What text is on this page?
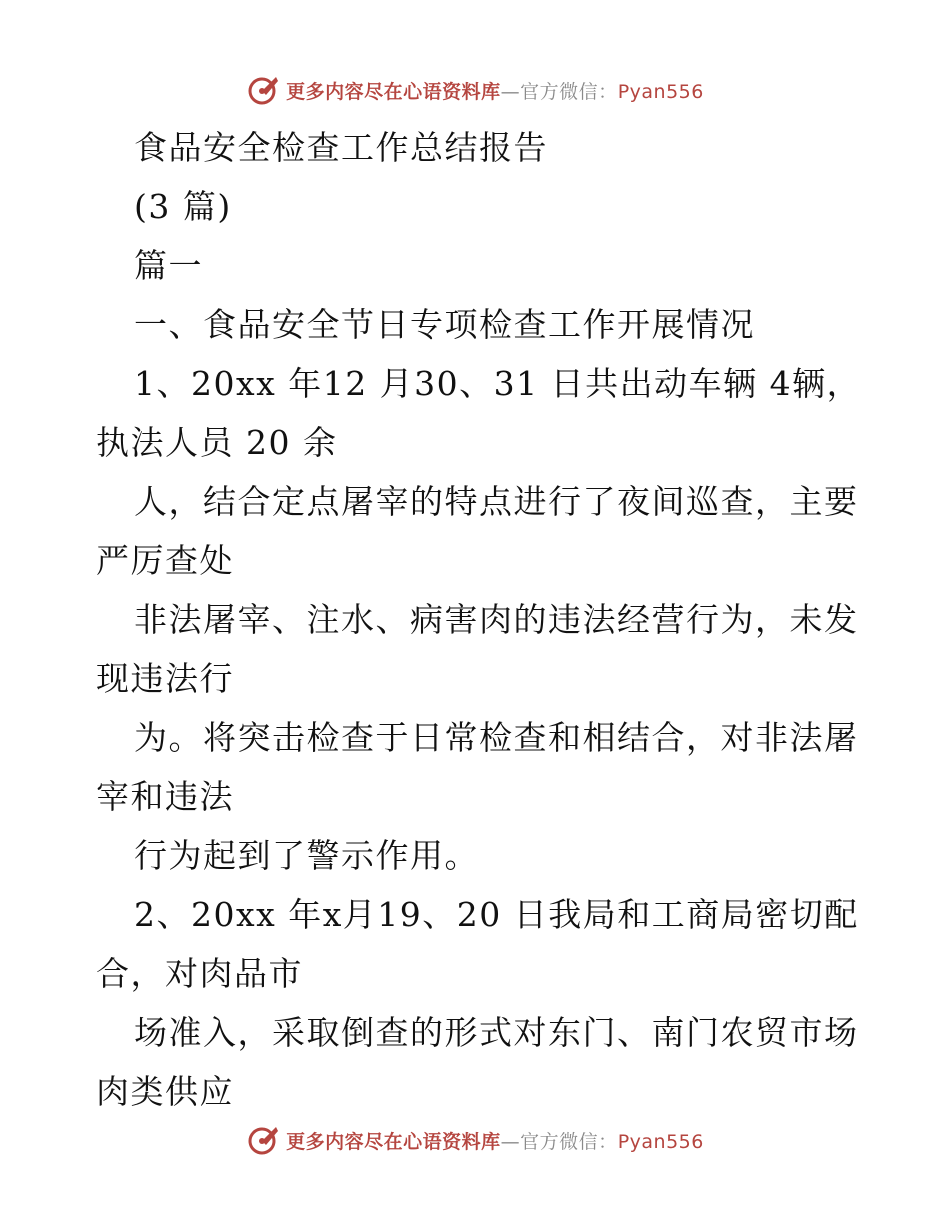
更多内容尽在心语资料库—官方微信：Pyan556
食品安全检查工作总结报告
(3 篇)
篇一
一、食品安全节日专项检查工作开展情况
1、20xx 年12 月30、31 日共出动车辆 4辆，
执法人员 20 余
人，结合定点屠宰的特点进行了夜间巡查，主要
严厉查处
非法屠宰、注水、病害肉的违法经营行为，未发
现违法行
为。将突击检查于日常检查和相结合，对非法屠
宰和违法
行为起到了警示作用。
2、20xx 年x月19、20 日我局和工商局密切配
合，对肉品市
场准入，采取倒查的形式对东门、南门农贸市场
肉类供应
更多内容尽在心语资料库—官方微信：Pyan556
